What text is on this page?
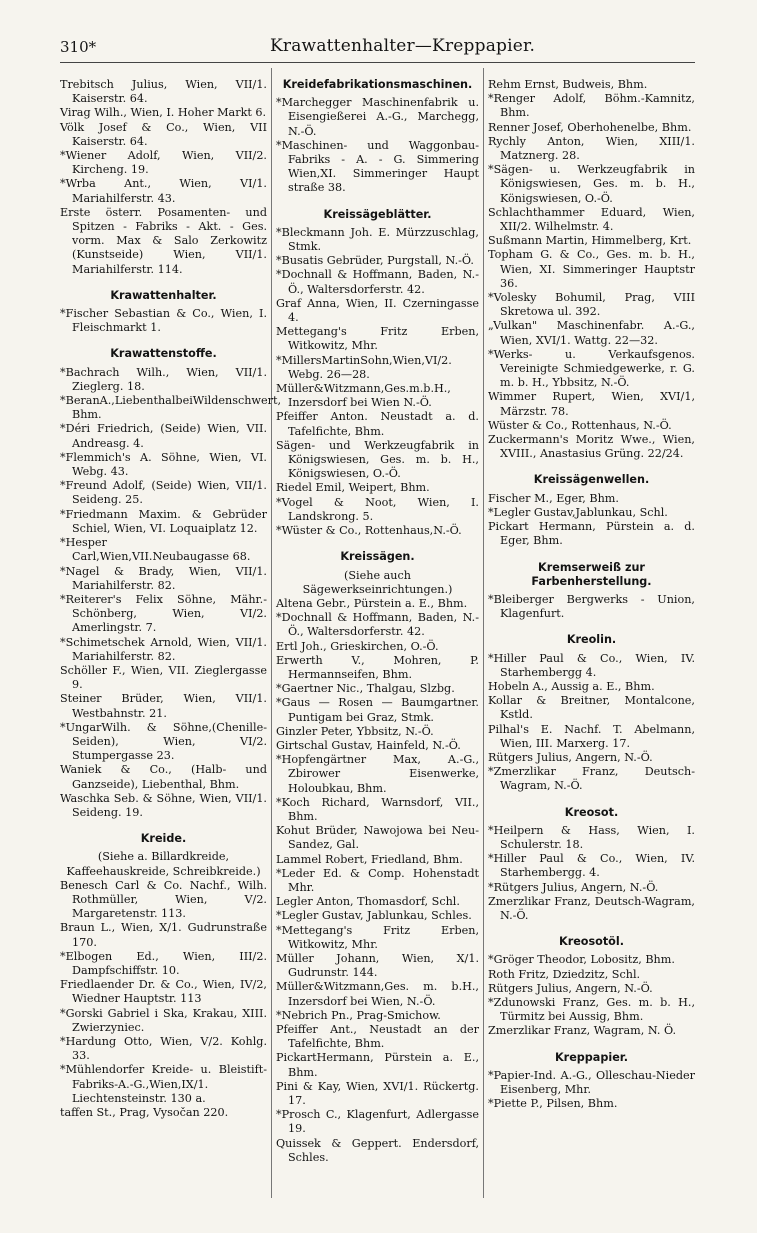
310*	Krawattenhalter—Kreppapier.

Trebitsch Julius, Wien, VII/1. Kaiserstr. 64.

Virag Wilh., Wien, I. Hoher Markt 6.

Völk Josef & Co., Wien, VII Kaiserstr. 64.

*Wiener Adolf, Wien, VII/2. Kircheng. 19.

*Wrba Ant., Wien, VI/1. Mariahilferstr. 43.

Erste österr. Posamenten- und Spitzen - Fabriks - Akt. - Ges. vorm. Max & Salo Zerkowitz (Kunstseide) Wien, VII/1. Mariahilferstr. 114.

Krawattenhalter.

*Fischer Sebastian & Co., Wien, I. Fleischmarkt 1.

Krawattenstoffe.

*Bachrach Wilh., Wien, VII/1. Zieglerg. 18.

*BeranA.,LiebenthalbeiWildenschwert, Bhm.

*Déri Friedrich, (Seide) Wien, VII. Andreasg. 4.

*Flemmich's A. Söhne, Wien, VI. Webg. 43.

*Freund Adolf, (Seide) Wien, VII/1. Seideng. 25.

*Friedmann Maxim. & Gebrüder Schiel, Wien, VI. Loquaiplatz 12.

*Hesper Carl,Wien,VII.Neubaugasse 68.

*Nagel & Brady, Wien, VII/1. Mariahilferstr. 82.

*Reiterer's Felix Söhne, Mähr.-Schönberg, Wien, VI/2. Amerlingstr. 7.

*Schimetschek Arnold, Wien, VII/1. Mariahilferstr. 82.

Schöller F., Wien, VII. Zieglergasse 9.

Steiner Brüder, Wien, VII/1. Westbahnstr. 21.

*UngarWilh. & Söhne,(Chenille-Seiden), Wien, VI/2. Stumpergasse 23.

Waniek & Co., (Halb- und Ganzseide), Liebenthal, Bhm.

Waschka Seb. & Söhne, Wien, VII/1. Seideng. 19.

Kreide.

(Siehe a. Billardkreide, Kaffeehauskreide, Schreibkreide.)

Benesch Carl & Co. Nachf., Wilh. Rothmüller, Wien, V/2. Margaretenstr. 113.

Braun L., Wien, X/1. Gudrunstraße 170.

*Elbogen Ed., Wien, III/2. Dampfschiffstr. 10.

Friedlaender Dr. & Co., Wien, IV/2, Wiedner Hauptstr. 113

*Gorski Gabriel i Ska, Krakau, XIII. Zwierzyniec.

*Hardung Otto, Wien, V/2. Kohlg. 33.

*Mühlendorfer Kreide- u. Bleistift-Fabriks-A.-G.,Wien,IX/1. Liechtensteinstr. 130 a.

taffen St., Prag, Vysočan 220.

Kreidefabrikationsmaschinen.

*Marchegger Maschinenfabrik u. Eisengießerei A.-G., Marchegg, N.-Ö.

*Maschinen- und Waggonbau-Fabriks - A. - G. Simmering Wien,XI. Simmeringer Haupt straße 38.

Kreissägeblätter.

*Bleckmann Joh. E. Mürzzuschlag, Stmk.

*Busatis Gebrüder, Purgstall, N.-Ö.

*Dochnall & Hoffmann, Baden, N.-Ö., Waltersdorferstr. 42.

Graf Anna, Wien, II. Czerningasse 4.

Mettegang's Fritz Erben, Witkowitz, Mhr.

*MillersMartinSohn,Wien,VI/2. Webg. 26—28.

Müller&Witzmann,Ges.m.b.H., Inzersdorf bei Wien N.-Ö.

Pfeiffer Anton. Neustadt a. d. Tafelfichte, Bhm.

Sägen- und Werkzeugfabrik in Königswiesen, Ges. m. b. H., Königswiesen, O.-Ö.

Riedel Emil, Weipert, Bhm.

*Vogel & Noot, Wien, I. Landskrong. 5.

*Wüster & Co., Rottenhaus,N.-Ö.

Kreissägen.

(Siehe auch Sägewerkseinrichtungen.)

Altena Gebr., Pürstein a. E., Bhm.

*Dochnall & Hoffmann, Baden, N.-Ö., Waltersdorferstr. 42.

Ertl Joh., Grieskirchen, O.-Ö.

Erwerth V., Mohren, P. Hermannseifen, Bhm.

*Gaertner Nic., Thalgau, Slzbg.

*Gaus — Rosen — Baumgartner. Puntigam bei Graz, Stmk.

Ginzler Peter, Ybbsitz, N.-Ö.

Girtschal Gustav, Hainfeld, N.-Ö.

*Hopfengärtner Max, A.-G., Zbirower Eisenwerke, Holoubkau, Bhm.

*Koch Richard, Warnsdorf, VII., Bhm.

Kohut Brüder, Nawojowa bei Neu-Sandez, Gal.

Lammel Robert, Friedland, Bhm.

*Leder Ed. & Comp. Hohenstadt Mhr.

Legler Anton, Thomasdorf, Schl.

*Legler Gustav, Jablunkau, Schles.

*Mettegang's Fritz Erben, Witkowitz, Mhr.

Müller Johann, Wien, X/1. Gudrunstr. 144.

Müller&Witzmann,Ges. m. b.H., Inzersdorf bei Wien, N.-Ö.

*Nebrich Pn., Prag-Smichow.

Pfeiffer Ant., Neustadt an der Tafelfichte, Bhm.

PickartHermann, Pürstein a. E., Bhm.

Pini & Kay, Wien, XVI/1. Rückertg. 17.

*Prosch C., Klagenfurt, Adlergasse 19.

Quissek & Geppert. Endersdorf, Schles.

Rehm Ernst, Budweis, Bhm.

*Renger Adolf, Böhm.-Kamnitz, Bhm.

Renner Josef, Oberhohenelbe, Bhm.

Rychly Anton, Wien, XIII/1. Matznerg. 28.

*Sägen- u. Werkzeugfabrik in Königswiesen, Ges. m. b. H., Königswiesen, O.-Ö.

Schlachthammer Eduard, Wien, XII/2. Wilhelmstr. 4.

Sußmann Martin, Himmelberg, Krt.

Topham G. & Co., Ges. m. b. H., Wien, XI. Simmeringer Hauptstr 36.

*Volesky Bohumil, Prag, VIII Skretowa ul. 392.

„Vulkan" Maschinenfabr. A.-G., Wien, XVI/1. Wattg. 22—32.

*Werks- u. Verkaufsgenos. Vereinigte Schmiedgewerke, r. G. m. b. H., Ybbsitz, N.-Ö.

Wimmer Rupert, Wien, XVI/1, Märzstr. 78.

Wüster & Co., Rottenhaus, N.-Ö.

Zuckermann's Moritz Wwe., Wien, XVIII., Anastasius Grüng. 22/24.

Kreissägenwellen.

Fischer M., Eger, Bhm.

*Legler Gustav,Jablunkau, Schl.

Pickart Hermann, Pürstein a. d. Eger, Bhm.

Kremserweiß zur Farbenherstellung.

*Bleiberger Bergwerks - Union, Klagenfurt.

Kreolin.

*Hiller Paul & Co., Wien, IV. Starhembergg 4.

Hobeln A., Aussig a. E., Bhm.

Kollar & Breitner, Montalcone, Kstld.

Pilhal's E. Nachf. T. Abelmann, Wien, III. Marxerg. 17.

Rütgers Julius, Angern, N.-Ö.

*Zmerzlikar Franz, Deutsch-Wagram, N.-Ö.

Kreosot.

*Heilpern & Hass, Wien, I. Schulerstr. 18.

*Hiller Paul & Co., Wien, IV. Starhembergg. 4.

*Rütgers Julius, Angern, N.-Ö.

Zmerzlikar Franz, Deutsch-Wagram, N.-Ö.

Kreosotöl.

*Gröger Theodor, Lobositz, Bhm.

Roth Fritz, Dziedzitz, Schl.

Rütgers Julius, Angern, N.-Ö.

*Zdunowski Franz, Ges. m. b. H., Türmitz bei Aussig, Bhm.

Zmerzlikar Franz, Wagram, N. Ö.

Kreppapier.

*Papier-Ind. A.-G., Olleschau-Nieder Eisenberg, Mhr.

*Piette P., Pilsen, Bhm.
